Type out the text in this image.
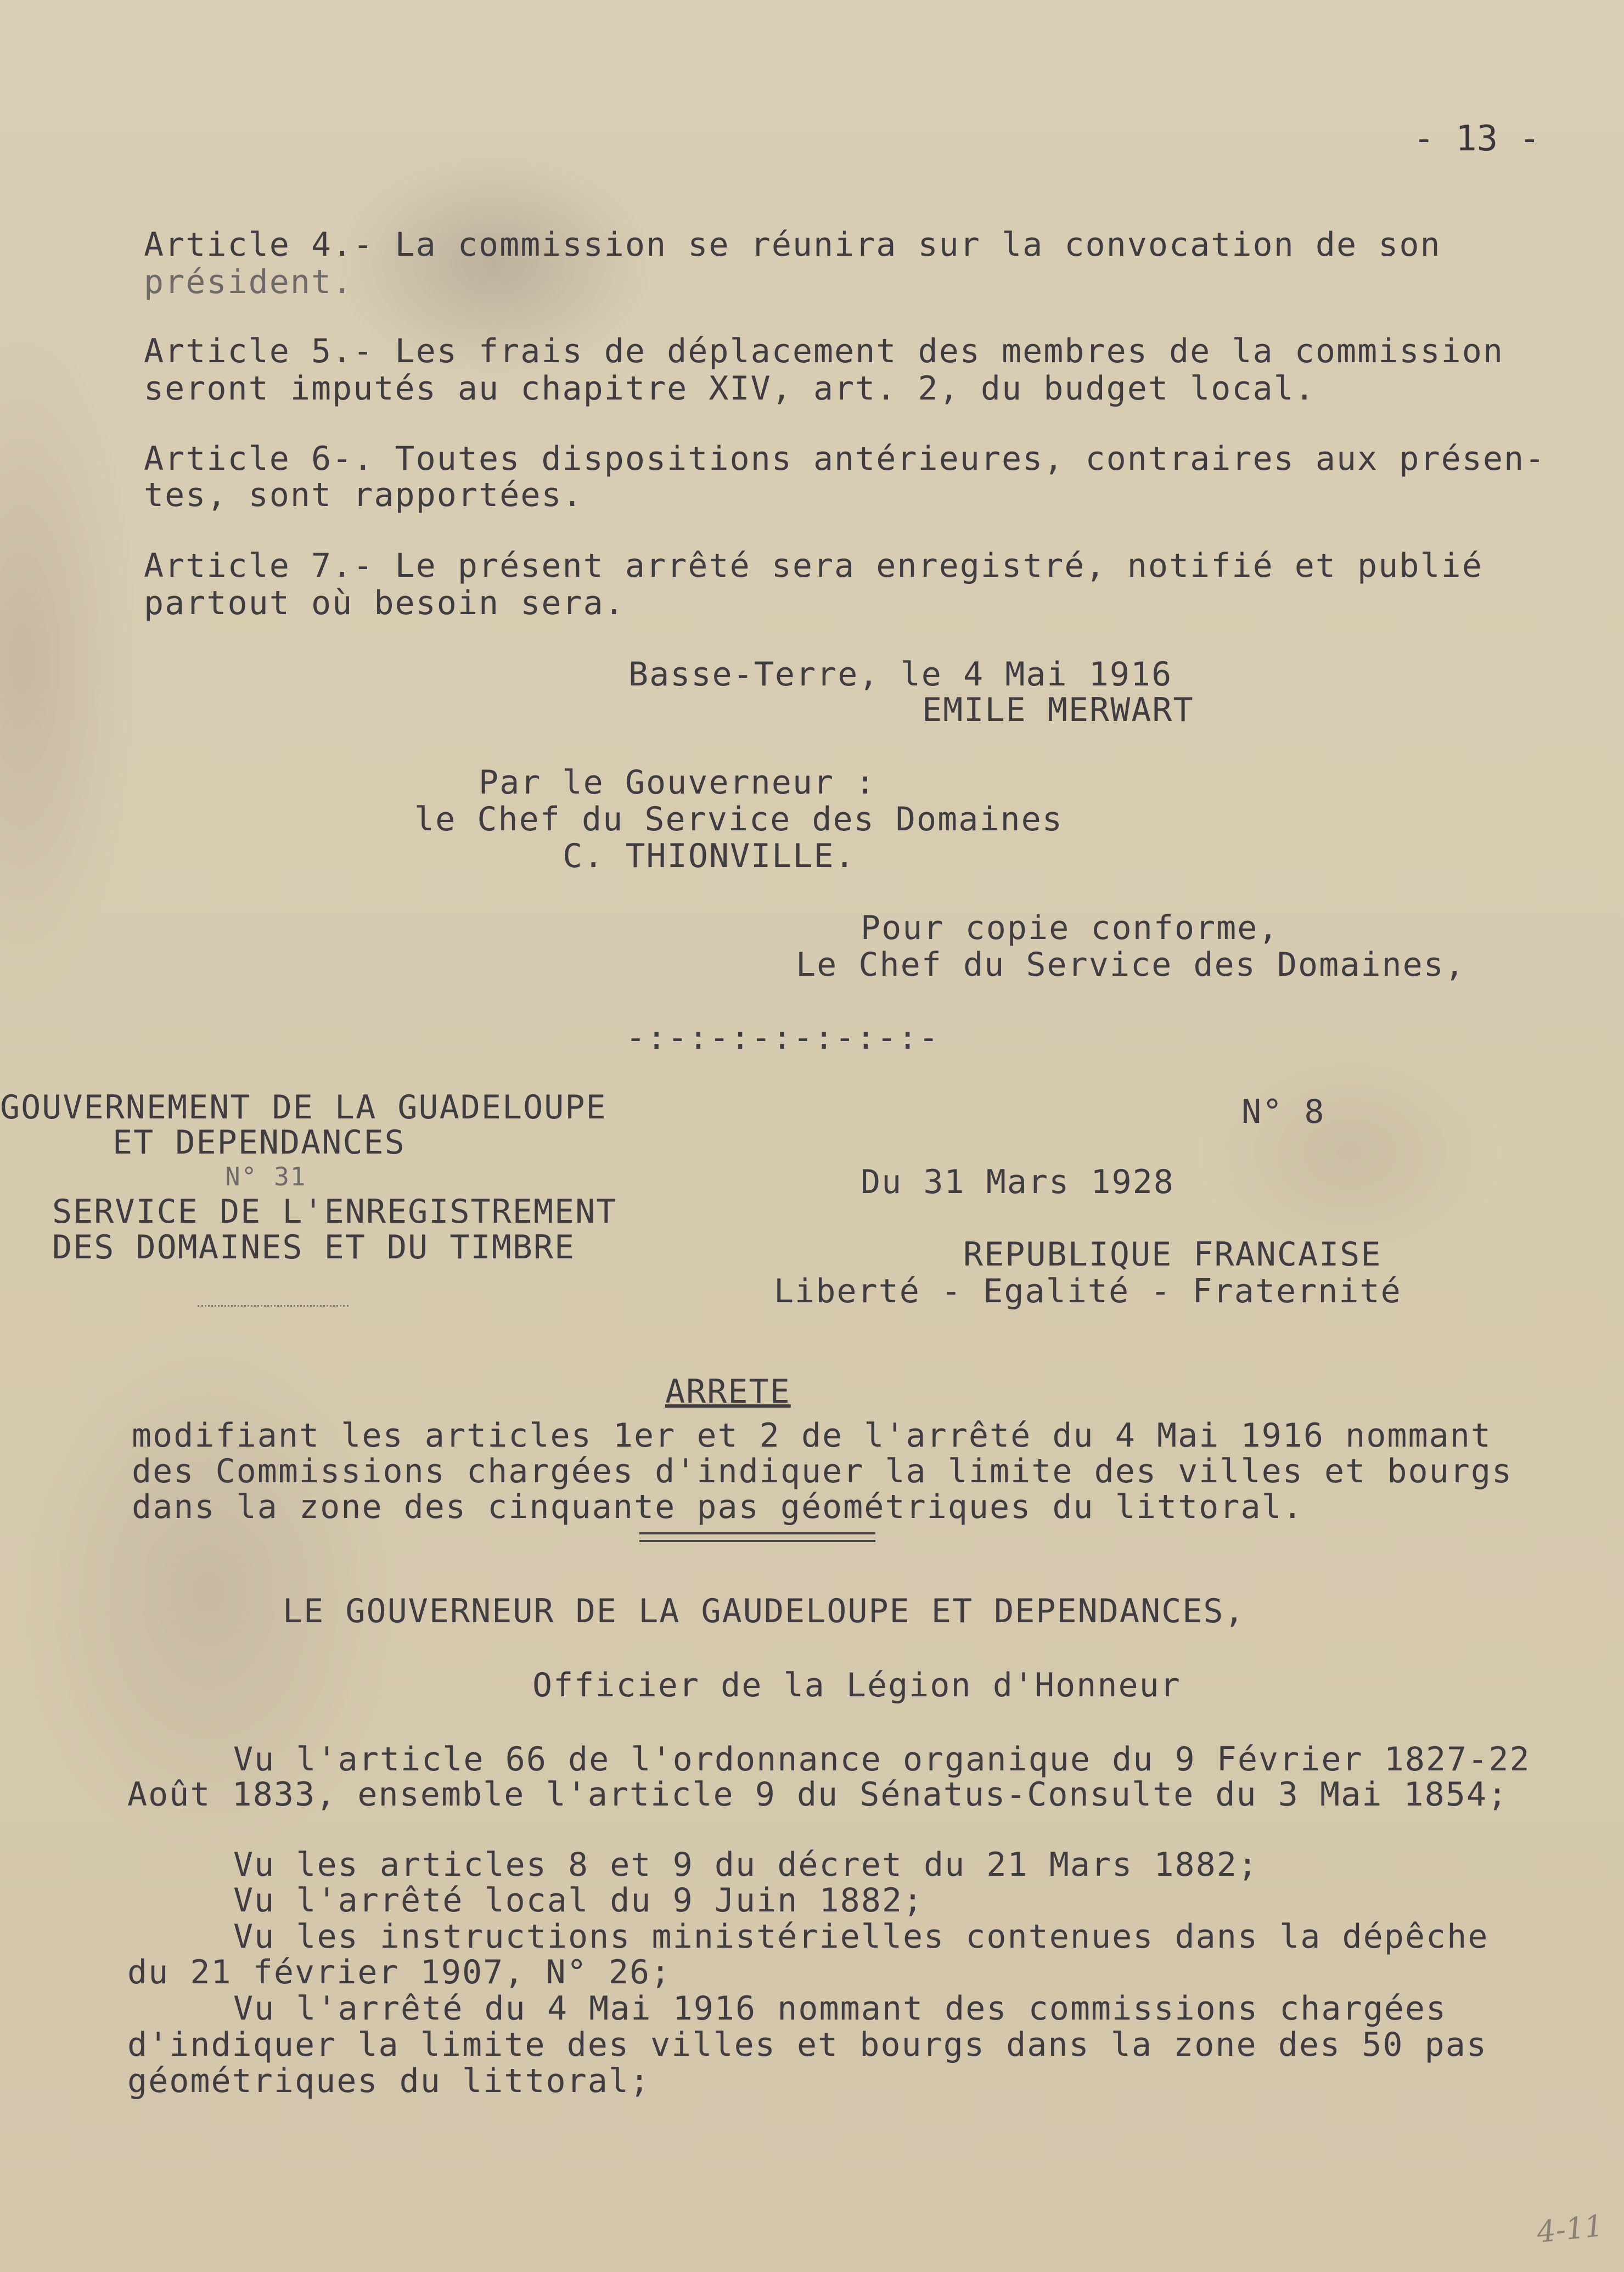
- 13 -
Article 4.- La commission se réunira sur la convocation de son
président.
Article 5.- Les frais de déplacement des membres de la commission
seront imputés au chapitre XIV, art. 2, du budget local.
Article 6-. Toutes dispositions antérieures, contraires aux présen-
tes, sont rapportées.
Article 7.- Le présent arrêté sera enregistré, notifié et publié
partout où besoin sera.
Basse-Terre, le 4 Mai 1916
EMILE MERWART
Par le Gouverneur :
le Chef du Service des Domaines
C. THIONVILLE.
Pour copie conforme,
Le Chef du Service des Domaines,
-:-:-:-:-:-:-:-
GOUVERNEMENT DE LA GUADELOUPE
ET DEPENDANCES
N° 31
SERVICE DE L'ENREGISTREMENT
DES DOMAINES ET DU TIMBRE
N° 8
Du 31 Mars 1928
REPUBLIQUE FRANCAISE
Liberté - Egalité - Fraternité
ARRETE
modifiant les articles 1er et 2 de l'arrêté du 4 Mai 1916 nommant
des Commissions chargées d'indiquer la limite des villes et bourgs
dans la zone des cinquante pas géométriques du littoral.
LE GOUVERNEUR DE LA GAUDELOUPE ET DEPENDANCES,
Officier de la Légion d'Honneur
Vu l'article 66 de l'ordonnance organique du 9 Février 1827-22
Août 1833, ensemble l'article 9 du Sénatus-Consulte du 3 Mai 1854;
Vu les articles 8 et 9 du décret du 21 Mars 1882;
Vu l'arrêté local du 9 Juin 1882;
Vu les instructions ministérielles contenues dans la dépêche
du 21 février 1907, N° 26;
Vu l'arrêté du 4 Mai 1916 nommant des commissions chargées
d'indiquer la limite des villes et bourgs dans la zone des 50 pas
géométriques du littoral;
4-11
